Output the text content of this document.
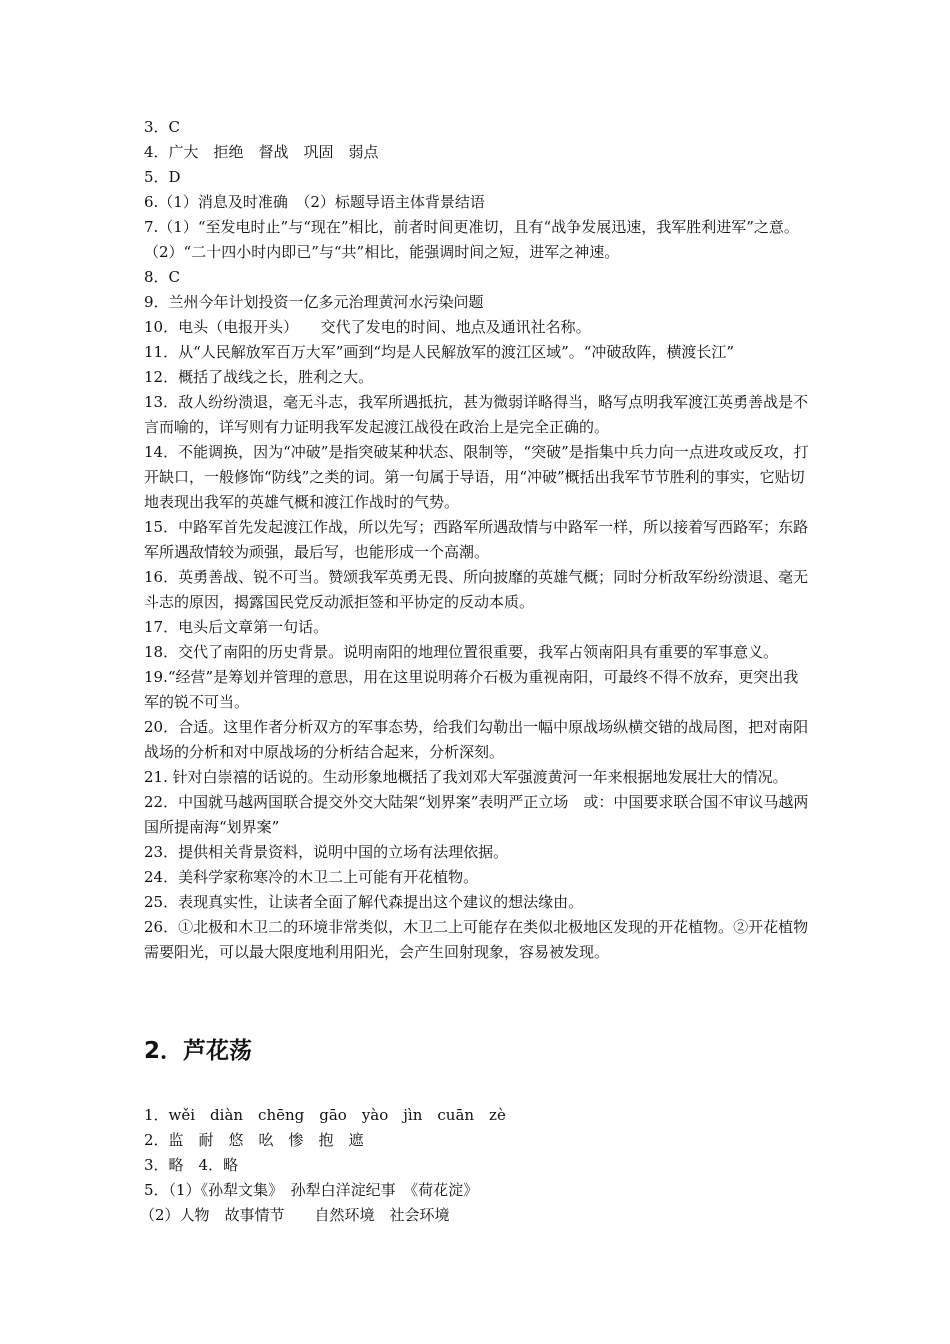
3．C
4．广大　拒绝　督战　巩固　弱点
5．D
6.（1）消息及时准确　（2）标题导语主体背景结语
7.（1）“至发电时止”与“现在”相比，前者时间更准切，且有“战争发展迅速，我军胜利进军”之意。　　（2）“二十四小时内即已”与“共”相比，能强调时间之短，进军之神速。
8．C
9．兰州今年计划投资一亿多元治理黄河水污染问题
10．电头（电报开头）　　交代了发电的时间、地点及通讯社名称。
11．从“人民解放军百万大军”画到“均是人民解放军的渡江区域”。“冲破敌阵，横渡长江”
12．概括了战线之长，胜利之大。
13．敌人纷纷溃退，毫无斗志，我军所遇抵抗，甚为微弱详略得当，略写点明我军渡江英勇善战是不言而喻的，详写则有力证明我军发起渡江战役在政治上是完全正确的。
14．不能调换，因为“冲破”是指突破某种状态、限制等，“突破”是指集中兵力向一点进攻或反攻，打开缺口，一般修饰“防线”之类的词。第一句属于导语，用“冲破”概括出我军节节胜利的事实，它贴切地表现出我军的英雄气概和渡江作战时的气势。
15．中路军首先发起渡江作战，所以先写；西路军所遇敌情与中路军一样，所以接着写西路军；东路军所遇敌情较为顽强，最后写，也能形成一个高潮。
16．英勇善战、锐不可当。赞颂我军英勇无畏、所向披靡的英雄气概；同时分析敌军纷纷溃退、毫无斗志的原因，揭露国民党反动派拒签和平协定的反动本质。
17．电头后文章第一句话。
18．交代了南阳的历史背景。说明南阳的地理位置很重要，我军占领南阳具有重要的军事意义。
19.“经营”是筹划并管理的意思，用在这里说明蒋介石极为重视南阳，可最终不得不放弃，更突出我军的锐不可当。
20．合适。这里作者分析双方的军事态势，给我们勾勒出一幅中原战场纵横交错的战局图，把对南阳战场的分析和对中原战场的分析结合起来，分析深刻。
21. 针对白崇禧的话说的。生动形象地概括了我刘邓大军强渡黄河一年来根据地发展壮大的情况。
22．中国就马越两国联合提交外交大陆架“划界案”表明严正立场　或：中国要求联合国不审议马越两国所提南海“划界案”
23．提供相关背景资料，说明中国的立场有法理依据。
24．美科学家称寒冷的木卫二上可能有开花植物。
25．表现真实性，让读者全面了解代森提出这个建议的想法缘由。
26．①北极和木卫二的环境非常类似，木卫二上可能存在类似北极地区发现的开花植物。②开花植物需要阳光，可以最大限度地利用阳光，会产生回射现象，容易被发现。
2．芦花荡
1．wěi　diàn　chēng　gāo　yào　jìn　cuān　zè
2．监　耐　悠　吆　惨　抱　遮
3．略　4．略
5．（1）《孙犁文集》　孙犁白洋淀纪事　《荷花淀》
（2）人物　故事情节　　自然环境　社会环境
